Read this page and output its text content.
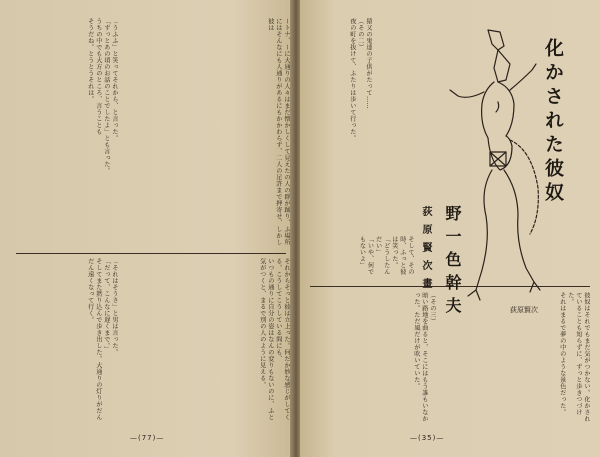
ートナ、ーに大通りの人々はまだ懐かしくして見えたの人の群が踊り、ふ場所にはそんなにも人通りがあるにもかかわらず、二人の足許まで押寄せ、しかし彼は
「うふふ」と笑ってそれから、と言った。
「ずっとあの頃のお話のことでしたよ」とも言った。
うちの中でも大方のところ、言うことも
そうだね。とうとうそれは。
それからそっと彼は立上った。何だか妙な感じがしてくる。こうしてこうしている間にも、
いつもの通りに自分の姿はなんの変りもないのに、ふと気がつくと、まるで別の人のように見える。
「それはそうさ」と男は言った。
「だって、こんなに遅くまで。」
そしてまた黙り込んで歩き出した。大通りの灯りがだんだん遠くなって行く。
—(77)—
猿又の鬼達の子供がたって……
（その二）
夜の町を抜けて、ふたりは歩いて行った。
そして、その時、ふっと彼は笑った。
「どうしたんだい」
「いや、何でもないよ」
（その三）
暗い路地を曲ると、そこにはもう誰もいなかった。ただ風だけが吹いていた。	彼奴はそれでもまだ気がつかない。化かされていることも知らずに、ずっと歩きつづけた。
それはまるで夢の中のような景色だった。
—(35)—
化かされた彼奴
野一色幹夫
荻原賢次畫
荻原賢次
